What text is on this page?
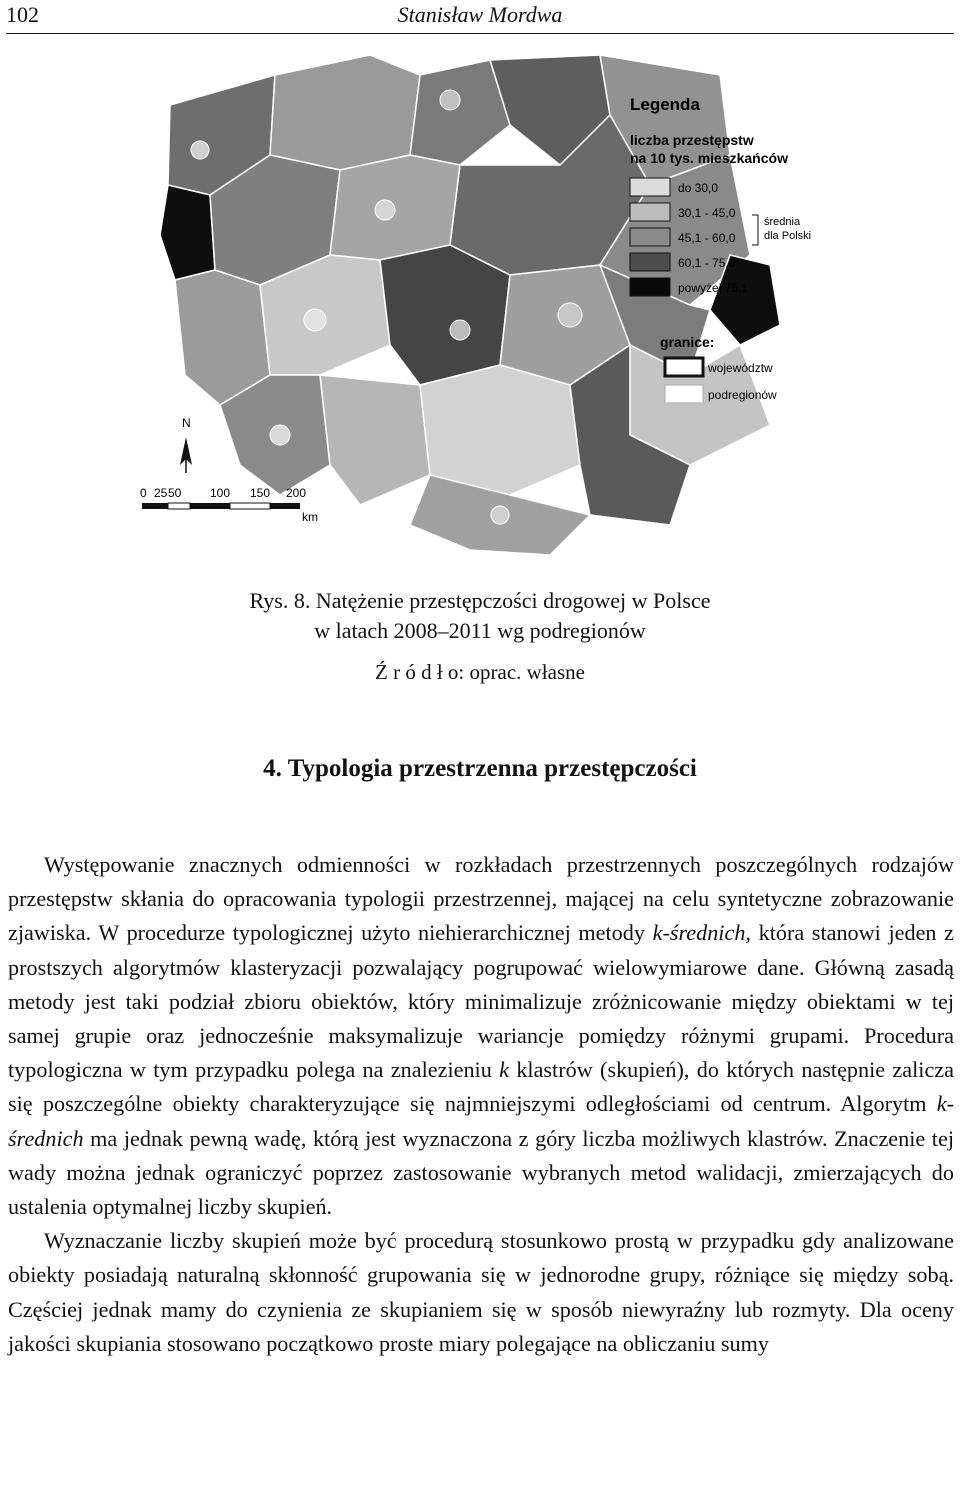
102	Stanisław Mordwa
N
0 25 50 100 150 200
km
Legenda
liczba przestępstw
na 10 tys. mieszkańców
do 30,0
30,1 - 45,0
45,1 - 60,0
60,1 - 75,0
powyżej 75,1
średnia
dla Polski
granice:
województw
podregionów
Rys. 8. Natężenie przestępczości drogowej w Polsce
w latach 2008–2011 wg podregionów
Ź r ó d ł o: oprac. własne
4. Typologia przestrzenna przestępczości

Występowanie znacznych odmienności w rozkładach przestrzennych poszczególnych rodzajów przestępstw skłania do opracowania typologii przestrzennej, mającej na celu syntetyczne zobrazowanie zjawiska. W procedurze typologicznej użyto niehierarchicznej metody k-średnich, która stanowi jeden z prostszych algorytmów klasteryzacji pozwalający pogrupować wielowymiarowe dane. Główną zasadą metody jest taki podział zbioru obiektów, który minimalizuje zróżnicowanie między obiektami w tej samej grupie oraz jednocześnie maksymalizuje wariancje pomiędzy różnymi grupami. Procedura typologiczna w tym przypadku polega na znalezieniu k klastrów (skupień), do których następnie zalicza się poszczególne obiekty charakteryzujące się najmniejszymi odległościami od centrum. Algorytm k-średnich ma jednak pewną wadę, którą jest wyznaczona z góry liczba możliwych klastrów. Znaczenie tej wady można jednak ograniczyć poprzez zastosowanie wybranych metod walidacji, zmierzających do ustalenia optymalnej liczby skupień.

Wyznaczanie liczby skupień może być procedurą stosunkowo prostą w przypadku gdy analizowane obiekty posiadają naturalną skłonność grupowania się w jednorodne grupy, różniące się między sobą. Częściej jednak mamy do czynienia ze skupianiem się w sposób niewyraźny lub rozmyty. Dla oceny jakości skupiania stosowano początkowo proste miary polegające na obliczaniu sumy
